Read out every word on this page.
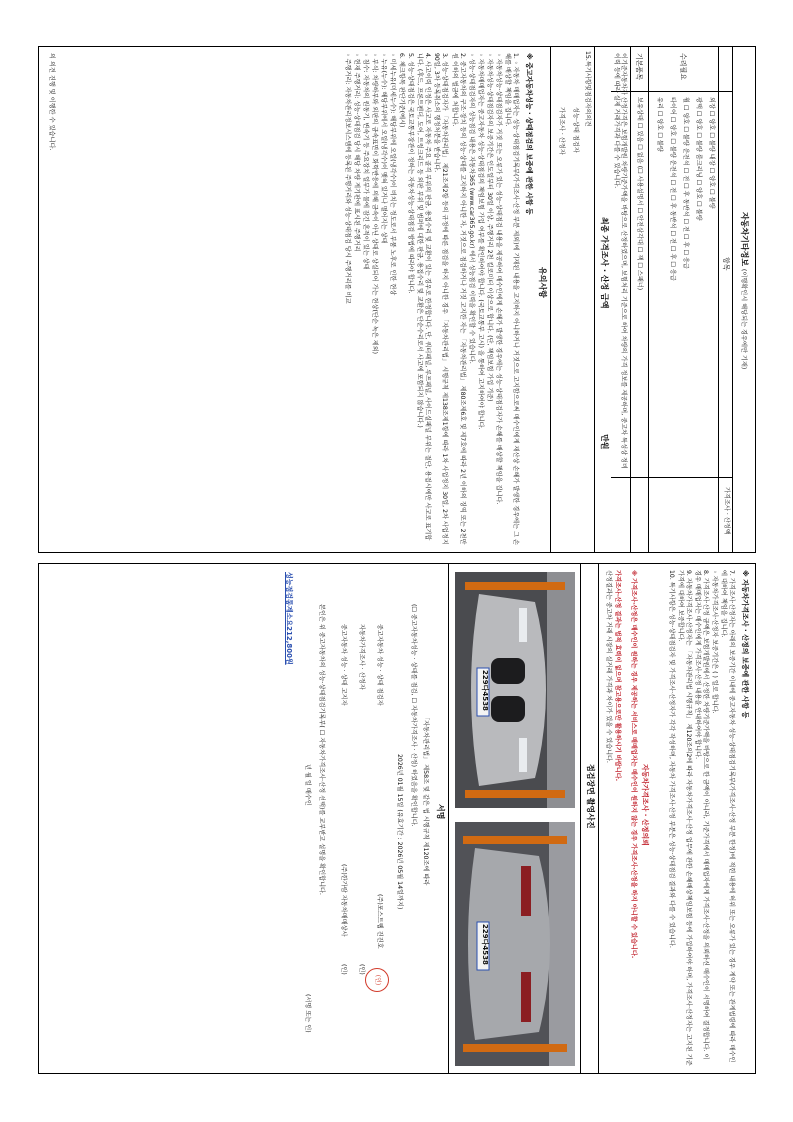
자동차기타정보 (이행확인시 해당되는 경우에만 기재)
항목
가격조사 · 산정액
수리필요
외장 ☐ 양호 ☐ 불량 내장 ☐ 양호 ☐ 불량
광택 ☐ 양호 ☐ 불량 룸크리닝 ☐ 양호 ☐ 불량
휠 ☐ 양호 ☐ 불량 운전석 ☐ 전 ☐ 후 동반석 ☐ 전 ☐ 후 ☐ 응급
타이어 ☐ 양호 ☐ 불량 운전석 ☐ 전 ☐ 후 동반석 ☐ 전 ☐ 후 ☐ 응급
유리 ☐ 양호 ☐ 불량
기본품목
보유상태 ☐ 있음 ☐ 없음 (☐ 사용설명서 ☐ 안전삼각대 ☐ 잭 ☐ 스패너)
이기준자동차가 산정가격은 보험개발원 차량기준가액을 바탕으로 산정하였으며, 보험처리 기준으로 하여 차량의 가격 정보를 제공하며, 중고차 특성상 정비이력 등에 따라 실제 거래가격과 다를 수 있습니다.
최종 가격조사 · 산정 금액  만원
15.특기사항및점검자의의견
성능·상태 점검자
가격조사 · 산정자
유의사항
※ 중고자동차성능 · 상태점검의 보증에 관한 사항 등
1. ◦ 자동차 매매업자는 성능·상태점검기록부(가격조사·산정 부분 제외)에 기재된 내용을 고지하지 아니하거나 거짓으로 고지함으로써 매수인에게 재산상 손해가 발생한 경우에는 그 손해를 배상할 책임을 집니다.
◦ 자동차성능·상태점검자가 거짓 또는 오류가 있는 성능·상태점검 내용을 제공하여 매수인에게 손해가 발생한 경우에는 성능·상태점검자가 손해를 배상할 책임을 집니다.
◦ 자동차성능·상태점검자의 보증기간은 인도일부터 30일 이상, 주행거리 2천 킬로미터 이상으로 합니다. (단, 책임보험 가입 기준)
◦ 자동차매매업자는 중고자동차 성능·상태점검의 책임보험 가입 여부를 확인하여야 합니다. (국토교통부 고시) 을 통하여 고지하여야 합니다.
◦ 성능·상태점검자의 성능점검 내용은 자동차365 (www.car365.go.kr) 에서 성능점검 이력을 확인할 수 있습니다.
2. 중고자동차의 구조·장치 등의 성능·상태를 고지하지 아니한 자, 거짓으로 점검하거나 거짓 고지한 자는 「자동차관리법」 제80조제6호 및 제7호에 따라 2년 이하의 징역 또는 2천만원 이하의 벌금에 처합니다.
3. 성능·상태점검자가 「자동차관리법」 제21조제2항 등의 규정에 따른 점검을 하지 아니한 경우 「자동차관리법」 시행규칙 제138조제1항에 따라 1차 사업정지 30일, 2차 사업정지 90일, 3차 등록취소의 행정처분을 받습니다.
4. 사고이력 인정은 사고로 자동차 주요 골격 부위의 판금, 용접수리 및 교환이 있는 경우로 한정합니다. 단, 쿼터패널, 루프패널, 사이드실패널 부위는 절단, 용접시에만 사고로 표기합니다. (후드, 프론트펜더, 도어, 트렁크리드 등 외판 부위 및 범퍼에 대한 판금, 용접수리 및 교환은 단순수리로서 사고에 포함되지 않습니다.)
5. 성능·상태점검은 국토교통부장관이 정하는 자동차성능·상태점검 방법에 따라야 합니다.
6. 체크항목 판단기준(예시)
◦ 미세누유(미세누수): 해당부위에 오일(냉각수)이 비치는 정도로서 부품 노후로 인한 현상
◦ 누유(누수): 해당부위에서 오일(냉각수)이 맺혀 있거나 떨어지는 상태
◦ 부식: 차량하부와 외판의 금속표면이 화학반응에 의해 금속이 아닌 상태로 상실되어 가는 현상(단순 녹은 제외)
◦ 침수: 자동차의 원동기, 변속기 등 주요장치 일부가 물에 잠긴 흔적이 있는 상태
◦ 현재 주행거리: 성능·상태점검 당시 해당 차량 계기판에 표시된 주행거리
◦ 주행거리: 자동차관리정보시스템에 등록된 주행거리와 성능·상태점검 당시 주행거리를 비교
의 의견 진행 및 이행한 수 있습니다.
※ 자동차가격조사 · 산정의 보증에 관한 사항 등
7. 가격조사·산정자는 아래의 보증기간 이내에 중고자동차 성능·상태점검기록부(가격조사·산정 부분 한정)에 적힌 내용에 허위 또는 오류가 있는 경우 계약 또는 관계법령에 따라 매수인에 대하여 책임을 집니다.
◦ 자동차가격조사·산정자 보증기간은 ( ) 일로 합니다.
8. 가격조사·산정 금액은 보험개발원에서 산정한 차량기준가액을 바탕으로 한 금액이 아니라, 기준가격에서 매매업자에게 가격조사·산정을 의뢰하신 매수인이 서명하여 결정합니다. 이 경우 매매업자는 매수인에게 가격조사·산정 내용을 안내하여야 합니다.
9. 자동차가격조사·산정자는 「자동차관리법 시행규칙」 제120조의2에 따라 자동차가격조사·산정 업무에 관한 손해배상책임보험 등에 가입하여야 하며, 가격조사·산정자는 고지된 기준가격에 대하여 보증합니다.
10. 특기사항은 성능·상태점검자 및 가격조사·산정자가 각각 작성하며, 자동차 가격조사·산정 부분은 성능·상태점검 결과와 다를 수 있습니다.
자동차가격조사 · 산정의뢰
※ 가격조사·산정은 매수인이 원하는 경우 제공하는 서비스로 매매업자는 매수인이 원하지 않는 경우 가격조사·산정을 하지 아니할 수 있습니다.
가격조사·산정 결과는 법적 효력이 없으며 참고용으로만 활용하시기 바랍니다.
산정결과는 중고차 거래 시장의 실거래 가격과 차이가 있을 수 있습니다.
점검장면 촬영사진
229다4538
229다4538
서명
「자동차관리법」 제58조 및 같은 법 시행규칙 제120조에 따라
(☐ 중고자동차성능 · 상태를 점검, ☐ 자동차가격조사 · 산정) 하였음을 확인합니다.
2026년 01월 15일 (유효기간 : 2026년 05월 14일까지)
중고자동차 성능 · 상태 점검자
(주)포스트웹 진진호
(인)
자동차가격조사 · 산정자
(인)
중고자동차 성능 · 상태 고지자
(주)한가람 자동차매매상사
(인)
본인은 위 중고자동차의 성능·상태점검기록부( ☐ 자동차가격조사·산정 선택)를 교부받고 설명을 확인합니다.
년 월 일 매수인
(서명 또는 인)
성능점검통계소요212,800원
